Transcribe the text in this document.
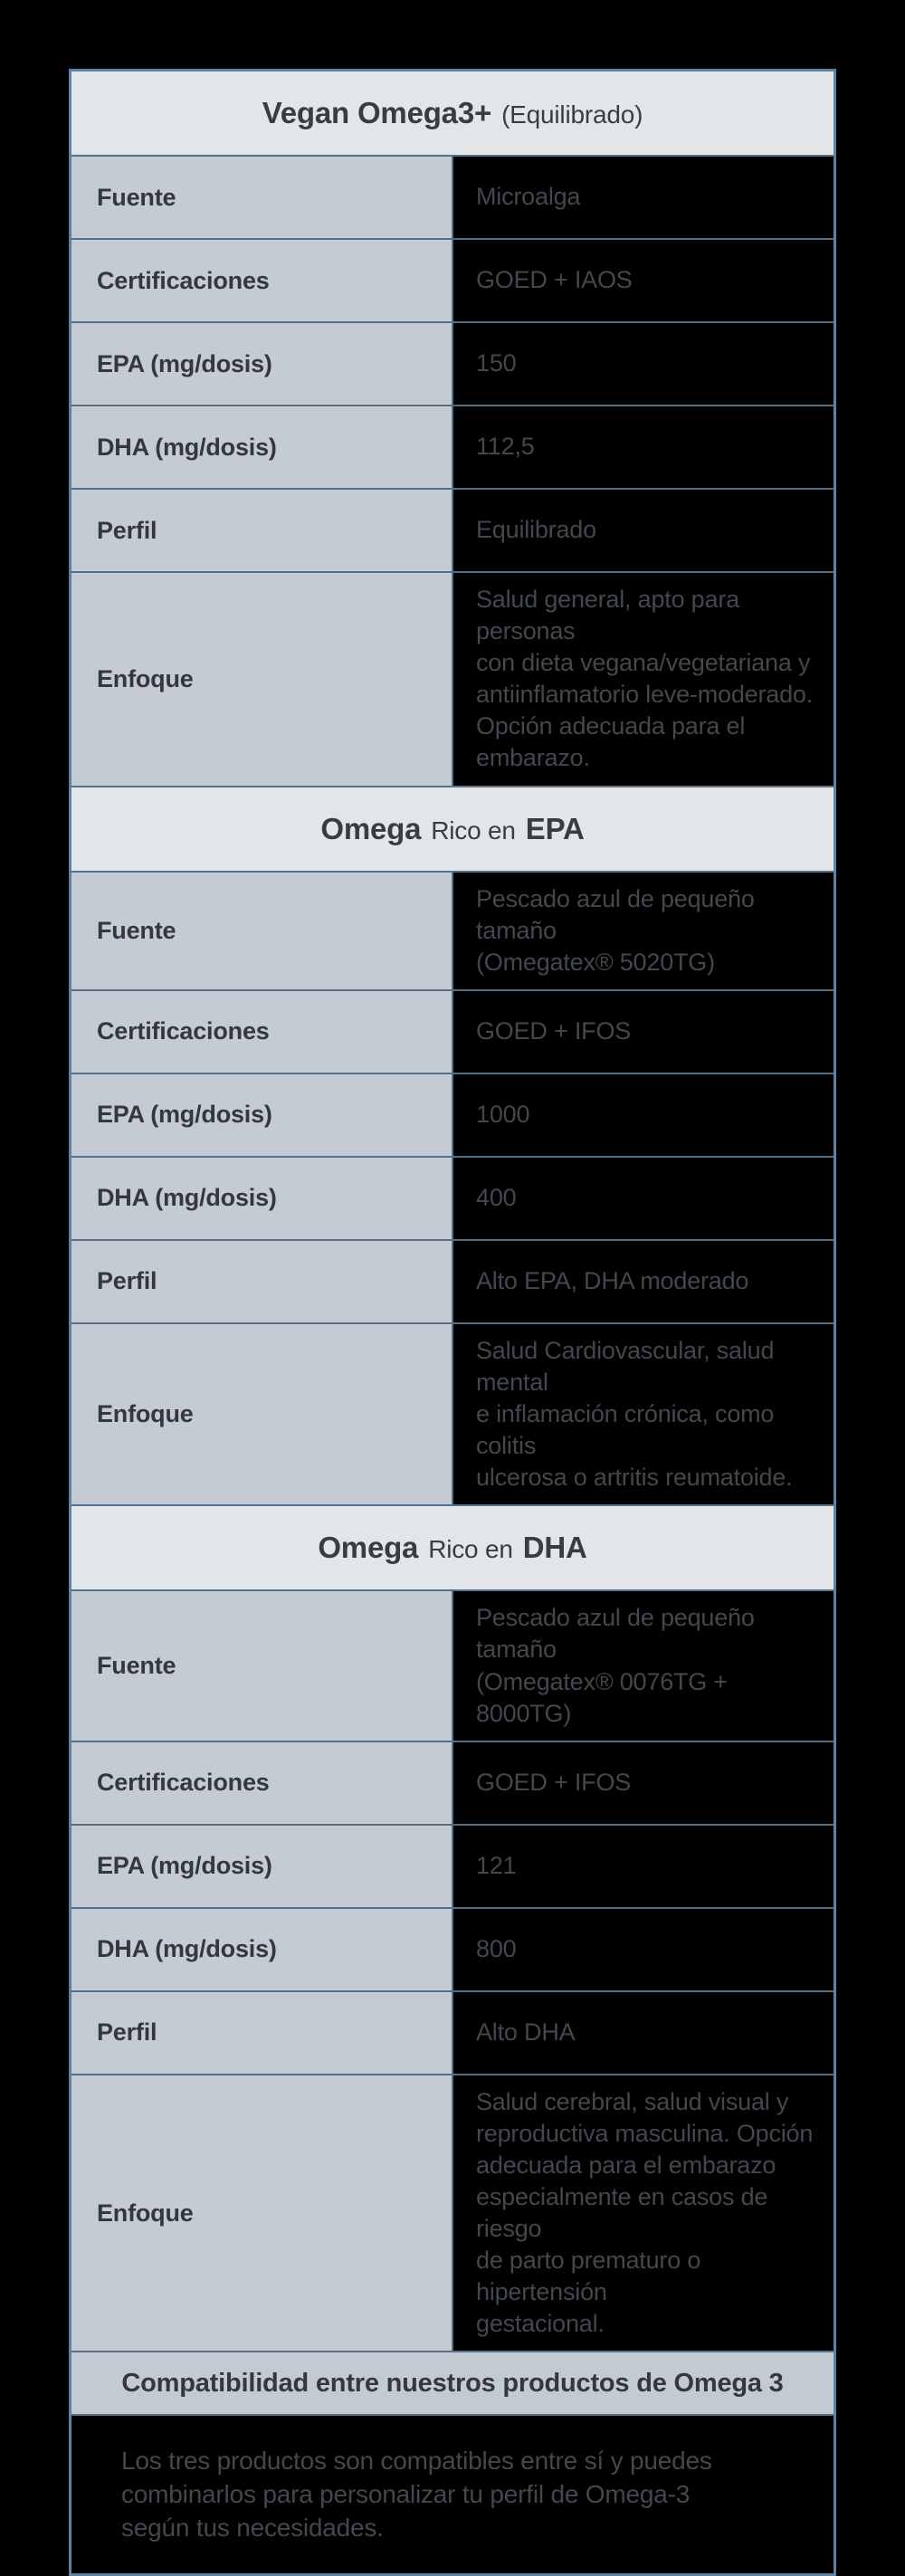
Vegan Omega3+ (Equilibrado)	

Fuente	Microalga
Certificaciones	GOED + IAOS
EPA (mg/dosis)	150
DHA (mg/dosis)	112,5
Perfil	Equilibrado
Enfoque	Salud general, apto para personas
con dieta vegana/vegetariana y
antiinflamatorio leve-moderado.
Opción adecuada para el embarazo.

Omega Rico en EPA	

Fuente	Pescado azul de pequeño tamaño
(Omegatex® 5020TG)
Certificaciones	GOED + IFOS
EPA (mg/dosis)	1000
DHA (mg/dosis)	400
Perfil	Alto EPA, DHA moderado
Enfoque	Salud Cardiovascular, salud mental
e inflamación crónica, como colitis
ulcerosa o artritis reumatoide.

Omega Rico en DHA	

Fuente	Pescado azul de pequeño tamaño
(Omegatex® 0076TG + 8000TG)
Certificaciones	GOED + IFOS
EPA (mg/dosis)	121
DHA (mg/dosis)	800
Perfil	Alto DHA
Enfoque	Salud cerebral, salud visual y
reproductiva masculina. Opción
adecuada para el embarazo
especialmente en casos de riesgo
de parto prematuro o hipertensión
gestacional.
Compatibilidad entre nuestros productos de Omega 3	
Los tres productos son compatibles entre sí y puedes
combinarlos para personalizar tu perfil de Omega-3
según tus necesidades.	
